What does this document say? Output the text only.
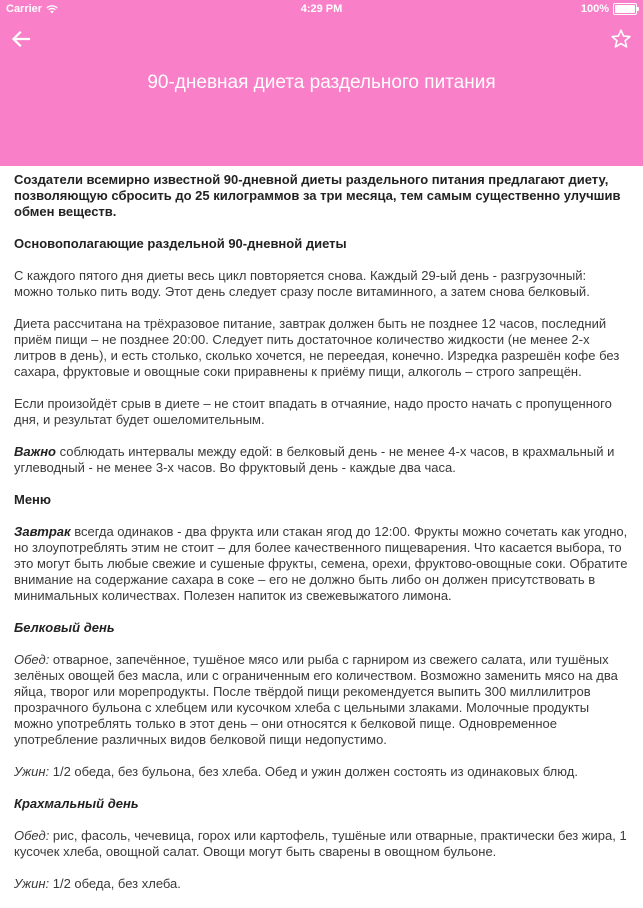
Carrier	4:29 PM	100%
90-дневная диета раздельного питания

Создатели всемирно известной 90-дневной диеты раздельного питания предлагают диету, позволяющую сбросить до 25 килограммов за три месяца, тем самым существенно улучшив обмен веществ.

Основополагающие раздельной 90-дневной диеты

С каждого пятого дня диеты весь цикл повторяется снова. Каждый 29-ый день - разгрузочный: можно только пить воду. Этот день следует сразу после витаминного, а затем снова белковый.

Диета рассчитана на трёхразовое питание, завтрак должен быть не позднее 12 часов, последний приём пищи – не позднее 20:00. Следует пить достаточное количество жидкости (не менее 2-х литров в день), и есть столько, сколько хочется, не переедая, конечно. Изредка разрешён кофе без сахара, фруктовые и овощные соки приравнены к приёму пищи, алкоголь – строго запрещён.

Если произойдёт срыв в диете – не стоит впадать в отчаяние, надо просто начать с пропущенного дня, и результат будет ошеломительным.

Важно соблюдать интервалы между едой: в белковый день - не менее 4-х часов, в крахмальный и углеводный - не менее 3-х часов. Во фруктовый день - каждые два часа.

Меню

Завтрак всегда одинаков - два фрукта или стакан ягод до 12:00. Фрукты можно сочетать как угодно, но злоупотреблять этим не стоит – для более качественного пищеварения. Что касается выбора, то это могут быть любые свежие и сушеные фрукты, семена, орехи, фруктово-овощные соки. Обратите внимание на содержание сахара в соке – его не должно быть либо он должен присутствовать в минимальных количествах. Полезен напиток из свежевыжатого лимона.

Белковый день

Обед: отварное, запечённое, тушёное мясо или рыба с гарниром из свежего салата, или тушёных зелёных овощей без масла, или с ограниченным его количеством. Возможно заменить мясо на два яйца, творог или морепродукты. После твёрдой пищи рекомендуется выпить 300 миллилитров прозрачного бульона с хлебцем или кусочком хлеба с цельными злаками. Молочные продукты можно употреблять только в этот день – они относятся к белковой пище. Одновременное употребление различных видов белковой пищи недопустимо.

Ужин: 1/2 обеда, без бульона, без хлеба. Обед и ужин должен состоять из одинаковых блюд.

Крахмальный день

Обед: рис, фасоль, чечевица, горох или картофель, тушёные или отварные, практически без жира, 1 кусочек хлеба, овощной салат. Овощи могут быть сварены в овощном бульоне.

Ужин: 1/2 обеда, без хлеба.
